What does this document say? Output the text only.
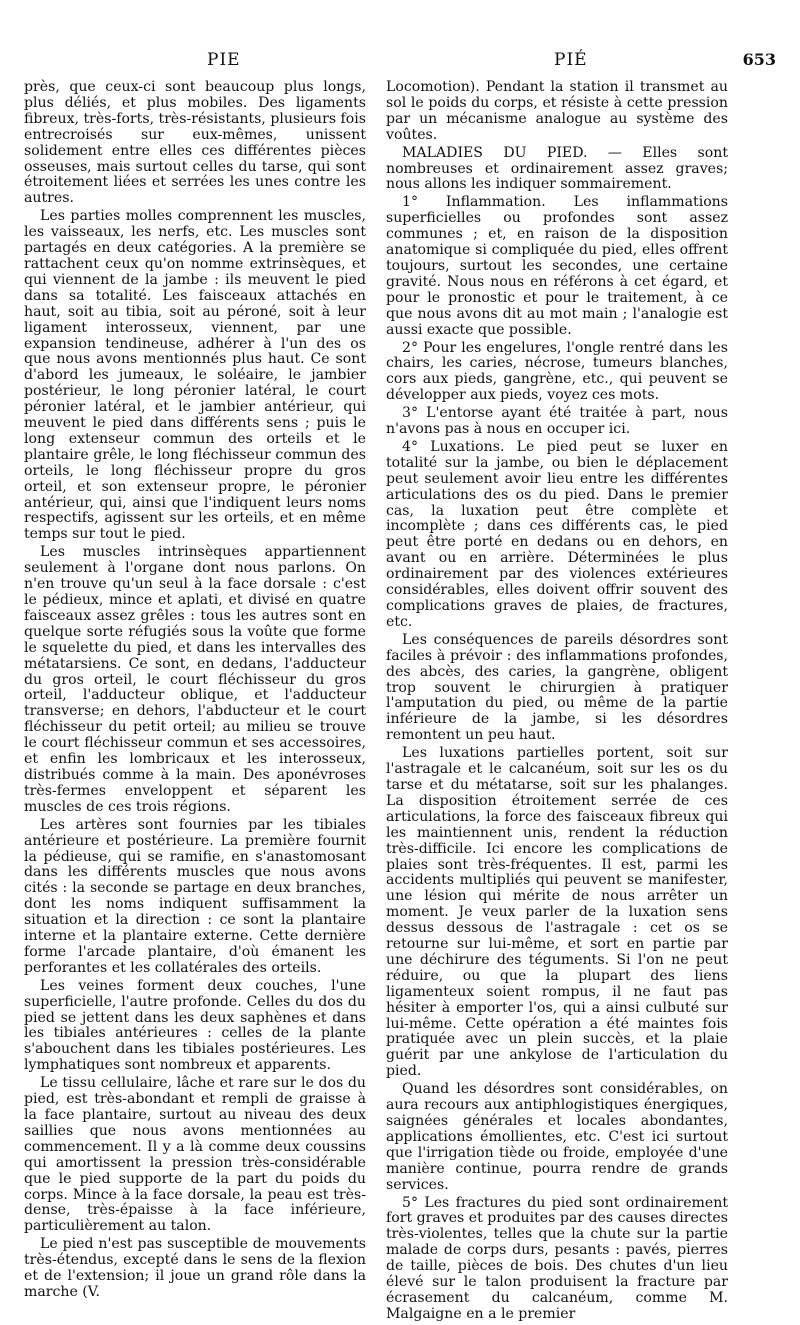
PIE	PIÉ	653

près, que ceux-ci sont beaucoup plus longs, plus déliés, et plus mobiles. Des ligaments fibreux, très-forts, très-résistants, plusieurs fois entrecroisés sur eux-mêmes, unissent solidement entre elles ces différentes pièces osseuses, mais surtout celles du tarse, qui sont étroitement liées et serrées les unes contre les autres.

Les parties molles comprennent les muscles, les vaisseaux, les nerfs, etc. Les muscles sont partagés en deux catégories. A la première se rattachent ceux qu'on nomme extrinsèques, et qui viennent de la jambe : ils meuvent le pied dans sa totalité. Les faisceaux attachés en haut, soit au tibia, soit au péroné, soit à leur ligament interosseux, viennent, par une expansion tendineuse, adhérer à l'un des os que nous avons mentionnés plus haut. Ce sont d'abord les jumeaux, le soléaire, le jambier postérieur, le long péronier latéral, le court péronier latéral, et le jambier antérieur, qui meuvent le pied dans différents sens ; puis le long extenseur commun des orteils et le plantaire grêle, le long fléchisseur commun des orteils, le long fléchisseur propre du gros orteil, et son extenseur propre, le péronier antérieur, qui, ainsi que l'indiquent leurs noms respectifs, agissent sur les orteils, et en même temps sur tout le pied.

Les muscles intrinsèques appartiennent seulement à l'organe dont nous parlons. On n'en trouve qu'un seul à la face dorsale : c'est le pédieux, mince et aplati, et divisé en quatre faisceaux assez grêles : tous les autres sont en quelque sorte réfugiés sous la voûte que forme le squelette du pied, et dans les intervalles des métatarsiens. Ce sont, en dedans, l'adducteur du gros orteil, le court fléchisseur du gros orteil, l'adducteur oblique, et l'adducteur transverse; en dehors, l'abducteur et le court fléchisseur du petit orteil; au milieu se trouve le court fléchisseur commun et ses accessoires, et enfin les lombricaux et les interosseux, distribués comme à la main. Des aponévroses très-fermes enveloppent et séparent les muscles de ces trois régions.

Les artères sont fournies par les tibiales antérieure et postérieure. La première fournit la pédieuse, qui se ramifie, en s'anastomosant dans les différents muscles que nous avons cités : la seconde se partage en deux branches, dont les noms indiquent suffisamment la situation et la direction : ce sont la plantaire interne et la plantaire externe. Cette dernière forme l'arcade plantaire, d'où émanent les perforantes et les collatérales des orteils.

Les veines forment deux couches, l'une superficielle, l'autre profonde. Celles du dos du pied se jettent dans les deux saphènes et dans les tibiales antérieures : celles de la plante s'abouchent dans les tibiales postérieures. Les lymphatiques sont nombreux et apparents.

Le tissu cellulaire, lâche et rare sur le dos du pied, est très-abondant et rempli de graisse à la face plantaire, surtout au niveau des deux saillies que nous avons mentionnées au commencement. Il y a là comme deux coussins qui amortissent la pression très-considérable que le pied supporte de la part du poids du corps. Mince à la face dorsale, la peau est très-dense, très-épaisse à la face inférieure, particulièrement au talon.

Le pied n'est pas susceptible de mouvements très-étendus, excepté dans le sens de la flexion et de l'extension; il joue un grand rôle dans la marche (V.

Locomotion). Pendant la station il transmet au sol le poids du corps, et résiste à cette pression par un mécanisme analogue au système des voûtes.

MALADIES DU PIED. — Elles sont nombreuses et ordinairement assez graves; nous allons les indiquer sommairement.

1° Inflammation. Les inflammations superficielles ou profondes sont assez communes ; et, en raison de la disposition anatomique si compliquée du pied, elles offrent toujours, surtout les secondes, une certaine gravité. Nous nous en référons à cet égard, et pour le pronostic et pour le traitement, à ce que nous avons dit au mot main ; l'analogie est aussi exacte que possible.

2° Pour les engelures, l'ongle rentré dans les chairs, les caries, nécrose, tumeurs blanches, cors aux pieds, gangrène, etc., qui peuvent se développer aux pieds, voyez ces mots.

3° L'entorse ayant été traitée à part, nous n'avons pas à nous en occuper ici.

4° Luxations. Le pied peut se luxer en totalité sur la jambe, ou bien le déplacement peut seulement avoir lieu entre les différentes articulations des os du pied. Dans le premier cas, la luxation peut être complète et incomplète ; dans ces différents cas, le pied peut être porté en dedans ou en dehors, en avant ou en arrière. Déterminées le plus ordinairement par des violences extérieures considérables, elles doivent offrir souvent des complications graves de plaies, de fractures, etc.

Les conséquences de pareils désordres sont faciles à prévoir : des inflammations profondes, des abcès, des caries, la gangrène, obligent trop souvent le chirurgien à pratiquer l'amputation du pied, ou même de la partie inférieure de la jambe, si les désordres remontent un peu haut.

Les luxations partielles portent, soit sur l'astragale et le calcanéum, soit sur les os du tarse et du métatarse, soit sur les phalanges. La disposition étroitement serrée de ces articulations, la force des faisceaux fibreux qui les maintiennent unis, rendent la réduction très-difficile. Ici encore les complications de plaies sont très-fréquentes. Il est, parmi les accidents multipliés qui peuvent se manifester, une lésion qui mérite de nous arrêter un moment. Je veux parler de la luxation sens dessus dessous de l'astragale : cet os se retourne sur lui-même, et sort en partie par une déchirure des téguments. Si l'on ne peut réduire, ou que la plupart des liens ligamenteux soient rompus, il ne faut pas hésiter à emporter l'os, qui a ainsi culbuté sur lui-même. Cette opération a été maintes fois pratiquée avec un plein succès, et la plaie guérit par une ankylose de l'articulation du pied.

Quand les désordres sont considérables, on aura recours aux antiphlogistiques énergiques, saignées générales et locales abondantes, applications émollientes, etc. C'est ici surtout que l'irrigation tiède ou froide, employée d'une manière continue, pourra rendre de grands services.

5° Les fractures du pied sont ordinairement fort graves et produites par des causes directes très-violentes, telles que la chute sur la partie malade de corps durs, pesants : pavés, pierres de taille, pièces de bois. Des chutes d'un lieu élevé sur le talon produisent la fracture par écrasement du calcanéum, comme M. Malgaigne en a le premier
